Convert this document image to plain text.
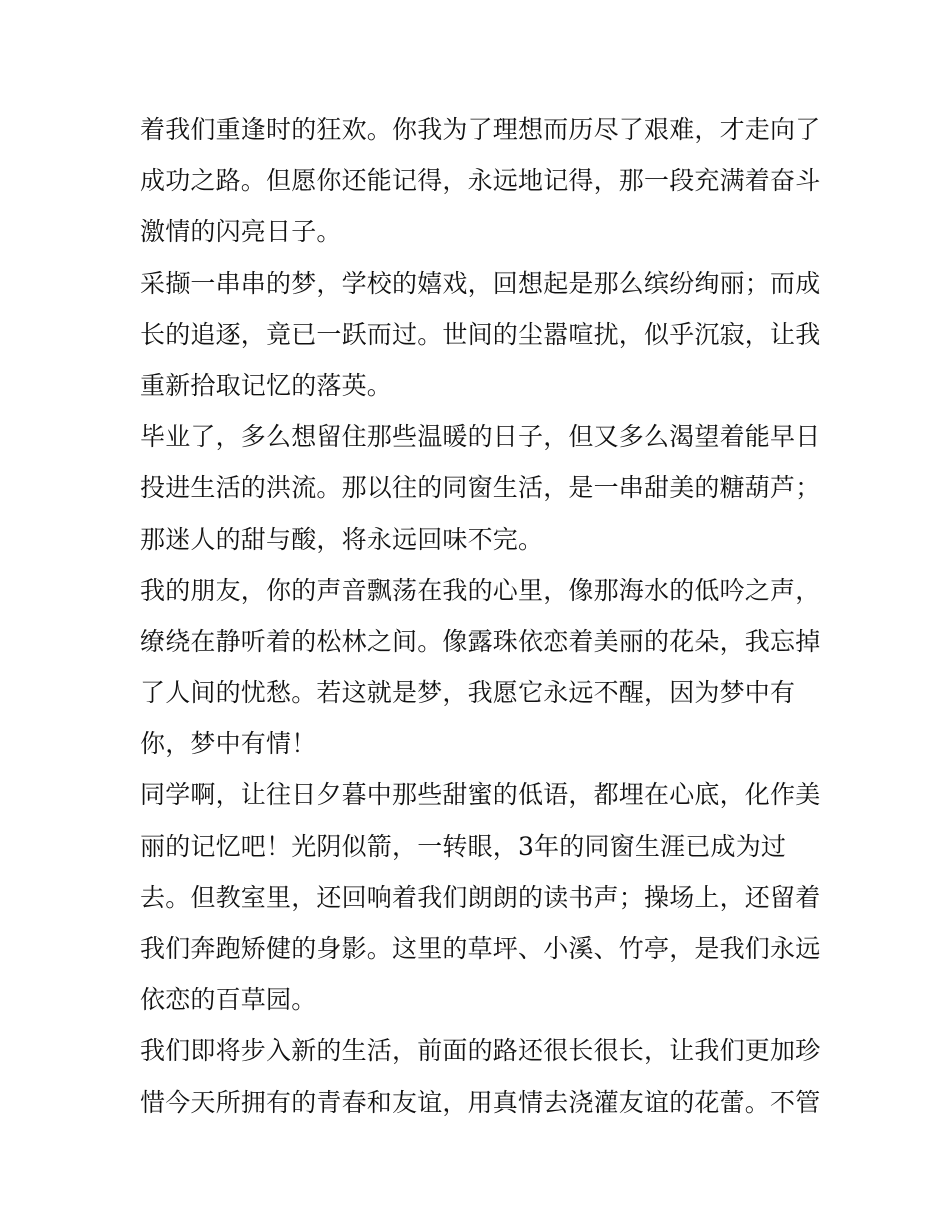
着我们重逢时的狂欢。你我为了理想而历尽了艰难，才走向了
成功之路。但愿你还能记得，永远地记得，那一段充满着奋斗
激情的闪亮日子。
采撷一串串的梦，学校的嬉戏，回想起是那么缤纷绚丽；而成
长的追逐，竟已一跃而过。世间的尘嚣喧扰，似乎沉寂，让我
重新拾取记忆的落英。
毕业了，多么想留住那些温暖的日子，但又多么渴望着能早日
投进生活的洪流。那以往的同窗生活，是一串甜美的糖葫芦；
那迷人的甜与酸，将永远回味不完。
我的朋友，你的声音飘荡在我的心里，像那海水的低吟之声，
缭绕在静听着的松林之间。像露珠依恋着美丽的花朵，我忘掉
了人间的忧愁。若这就是梦，我愿它永远不醒，因为梦中有
你，梦中有情！
同学啊，让往日夕暮中那些甜蜜的低语，都埋在心底，化作美
丽的记忆吧！光阴似箭，一转眼，3年的同窗生涯已成为过
去。但教室里，还回响着我们朗朗的读书声；操场上，还留着
我们奔跑矫健的身影。这里的草坪、小溪、竹亭，是我们永远
依恋的百草园。
我们即将步入新的生活，前面的路还很长很长，让我们更加珍
惜今天所拥有的青春和友谊，用真情去浇灌友谊的花蕾。不管
